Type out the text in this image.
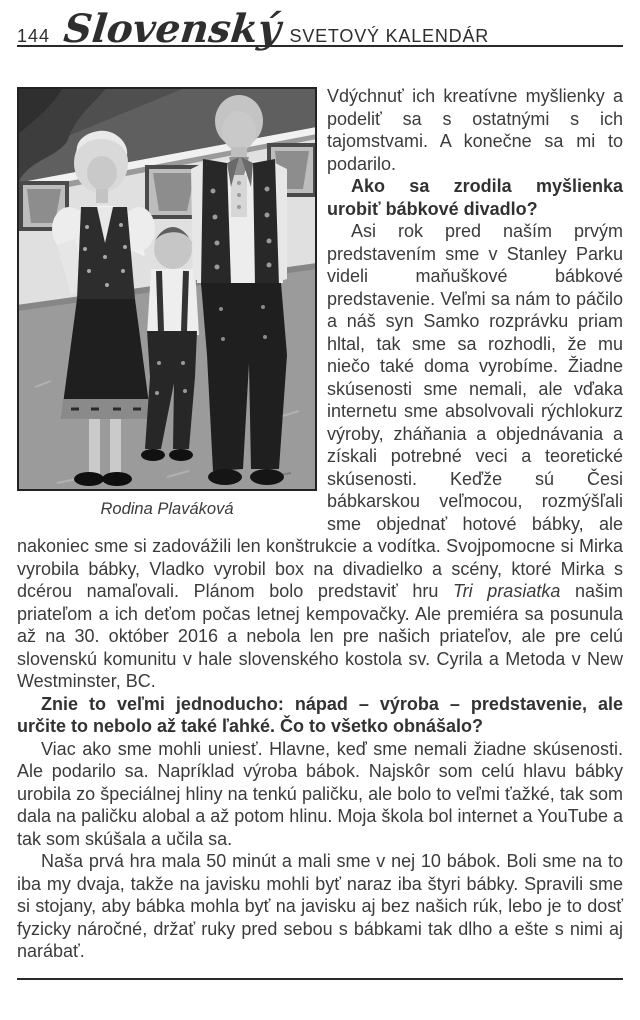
144 Slovenský SVETOVÝ KALENDÁR
Rodina Plaváková

Vdýchnuť ich kreatívne myšlienky a podeliť sa s ostatnými s ich tajomstvami. A konečne sa mi to podarilo.

Ako sa zrodila myšlienka urobiť bábkové divadlo?

Asi rok pred naším prvým predstavením sme v Stanley Parku videli maňuškové bábkové predstavenie. Veľmi sa nám to páčilo a náš syn Samko rozprávku priam hltal, tak sme sa rozhodli, že mu niečo také doma vyrobíme. Žiadne skúsenosti sme nemali, ale vďaka internetu sme absolvovali rýchlokurz výroby, zháňania a objednávania a získali potrebné veci a teoretické skúsenosti. Keďže sú Česi bábkarskou veľmocou, rozmýšľali sme objednať hotové bábky, ale nakoniec sme si zadovážili len konštrukcie a vodítka. Svojpomocne si Mirka vyrobila bábky, Vladko vyrobil box na divadielko a scény, ktoré Mirka s dcérou namaľovali. Plánom bolo predstaviť hru Tri prasiatka našim priateľom a ich deťom počas letnej kempovačky. Ale premiéra sa posunula až na 30. október 2016 a nebola len pre našich priateľov, ale pre celú slovenskú komunitu v hale slovenského kostola sv. Cyrila a Metoda v New Westminster, BC.

Znie to veľmi jednoducho: nápad – výroba – predstavenie, ale určite to nebolo až také ľahké. Čo to všetko obnášalo?

Viac ako sme mohli uniesť. Hlavne, keď sme nemali žiadne skúsenosti. Ale podarilo sa. Napríklad výroba bábok. Najskôr som celú hlavu bábky urobila zo špeciálnej hliny na tenkú paličku, ale bolo to veľmi ťažké, tak som dala na paličku alobal a až potom hlinu. Moja škola bol internet a YouTube a tak som skúšala a učila sa.

Naša prvá hra mala 50 minút a mali sme v nej 10 bábok. Boli sme na to iba my dvaja, takže na javisku mohli byť naraz iba štyri bábky. Spravili sme si stojany, aby bábka mohla byť na javisku aj bez našich rúk, lebo je to dosť fyzicky náročné, držať ruky pred sebou s bábkami tak dlho a ešte s nimi aj narábať.
